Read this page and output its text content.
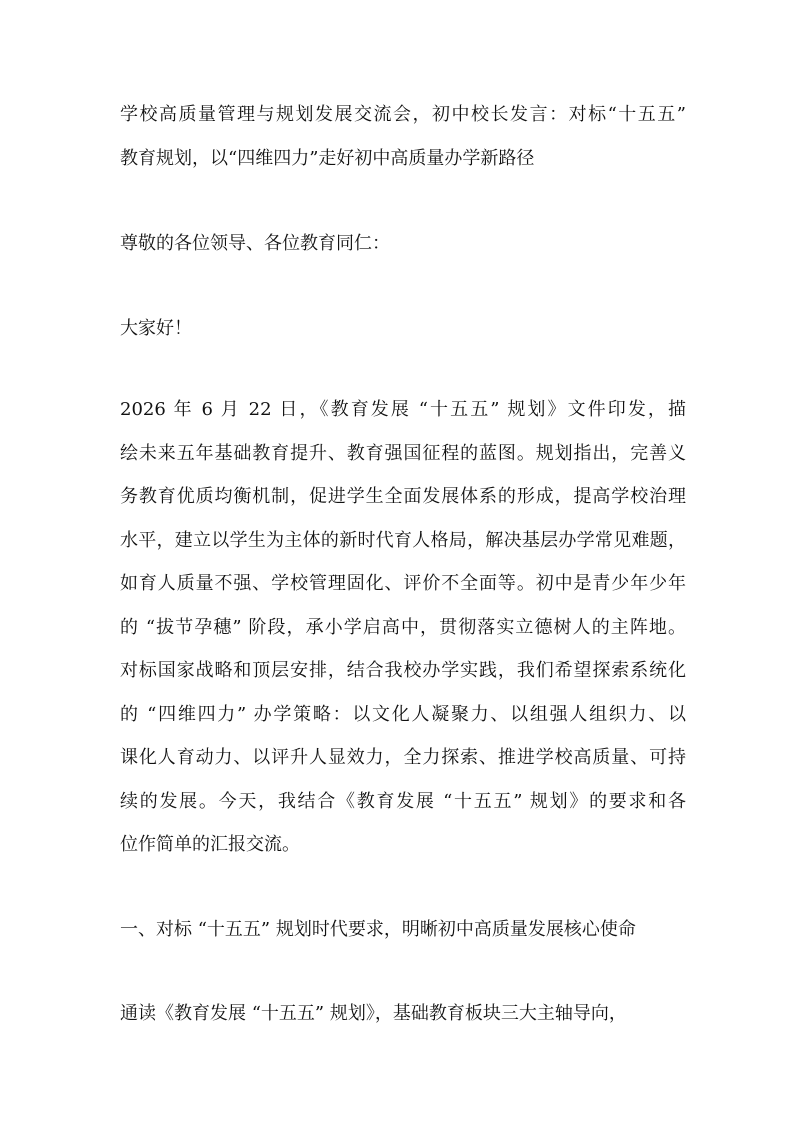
学校高质量管理与规划发展交流会，初中校长发言：对标“十五五”
教育规划，以“四维四力”走好初中高质量办学新路径
尊敬的各位领导、各位教育同仁：
大家好！
2026 年 6 月 22 日，《教育发展 “十五五” 规划》文件印发，描
绘未来五年基础教育提升、教育强国征程的蓝图。规划指出，完善义
务教育优质均衡机制，促进学生全面发展体系的形成，提高学校治理
水平，建立以学生为主体的新时代育人格局，解决基层办学常见难题，
如育人质量不强、学校管理固化、评价不全面等。初中是青少年少年
的 “拔节孕穗” 阶段，承小学启高中，贯彻落实立德树人的主阵地。
对标国家战略和顶层安排，结合我校办学实践，我们希望探索系统化
的 “四维四力” 办学策略：以文化人凝聚力、以组强人组织力、以
课化人育动力、以评升人显效力，全力探索、推进学校高质量、可持
续的发展。今天，我结合《教育发展 “十五五” 规划》的要求和各
位作简单的汇报交流。
一、对标 “十五五” 规划时代要求，明晰初中高质量发展核心使命
通读《教育发展 “十五五” 规划》，基础教育板块三大主轴导向，
